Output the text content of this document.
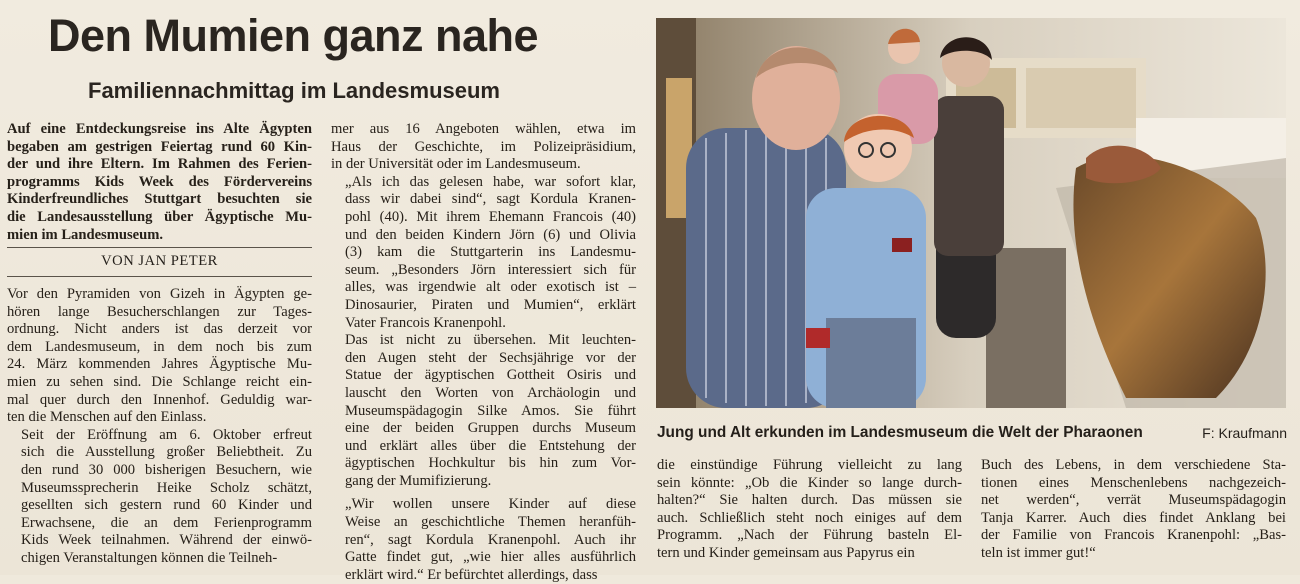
Den Mumien ganz nahe
Familiennachmittag im Landesmuseum
Auf eine Entdeckungsreise ins Alte Ägypten
begaben am gestrigen Feiertag rund 60 Kin-
der und ihre Eltern. Im Rahmen des Ferien-
programms Kids Week des Fördervereins
Kinderfreundliches Stuttgart besuchten sie
die Landesausstellung über Ägyptische Mu-
mien im Landesmuseum.
VON JAN PETER

Vor den Pyramiden von Gizeh in Ägypten ge-
hören lange Besucherschlangen zur Tages-
ordnung. Nicht anders ist das derzeit vor
dem Landesmuseum, in dem noch bis zum
24. März kommenden Jahres Ägyptische Mu-
mien zu sehen sind. Die Schlange reicht ein-
mal quer durch den Innenhof. Geduldig war-
ten die Menschen auf den Einlass.

Seit der Eröffnung am 6. Oktober erfreut
sich die Ausstellung großer Beliebtheit. Zu
den rund 30 000 bisherigen Besuchern, wie
Museumssprecherin Heike Scholz schätzt,
gesellten sich gestern rund 60 Kinder und
Erwachsene, die an dem Ferienprogramm
Kids Week teilnahmen. Während der einwö-
chigen Veranstaltungen können die Teilneh-

mer aus 16 Angeboten wählen, etwa im
Haus der Geschichte, im Polizeipräsidium,
in der Universität oder im Landesmuseum.

„Als ich das gelesen habe, war sofort klar,
dass wir dabei sind“, sagt Kordula Kranen-
pohl (40). Mit ihrem Ehemann Francois (40)
und den beiden Kindern Jörn (6) und Olivia
(3) kam die Stuttgarterin ins Landesmu-
seum. „Besonders Jörn interessiert sich für
alles, was irgendwie alt oder exotisch ist –
Dinosaurier, Piraten und Mumien“, erklärt
Vater Francois Kranenpohl.

Das ist nicht zu übersehen. Mit leuchten-
den Augen steht der Sechsjährige vor der
Statue der ägyptischen Gottheit Osiris und
lauscht den Worten von Archäologin und
Museumspädagogin Silke Amos. Sie führt
eine der beiden Gruppen durchs Museum
und erklärt alles über die Entstehung der
ägyptischen Hochkultur bis hin zum Vor-
gang der Mumifizierung.

„Wir wollen unsere Kinder auf diese
Weise an geschichtliche Themen heranfüh-
ren“, sagt Kordula Kranenpohl. Auch ihr
Gatte findet gut, „wie hier alles ausführlich
erklärt wird.“ Er befürchtet allerdings, dass

Jung und Alt erkunden im Landesmuseum die Welt der Pharaonen	F: Kraufmann

die einstündige Führung vielleicht zu lang
sein könnte: „Ob die Kinder so lange durch-
halten?“ Sie halten durch. Das müssen sie
auch. Schließlich steht noch einiges auf dem
Programm. „Nach der Führung basteln El-
tern und Kinder gemeinsam aus Papyrus ein

Buch des Lebens, in dem verschiedene Sta-
tionen eines Menschenlebens nachgezeich-
net werden“, verrät Museumspädagogin
Tanja Karrer. Auch dies findet Anklang bei
der Familie von Francois Kranenpohl: „Bas-
teln ist immer gut!“
